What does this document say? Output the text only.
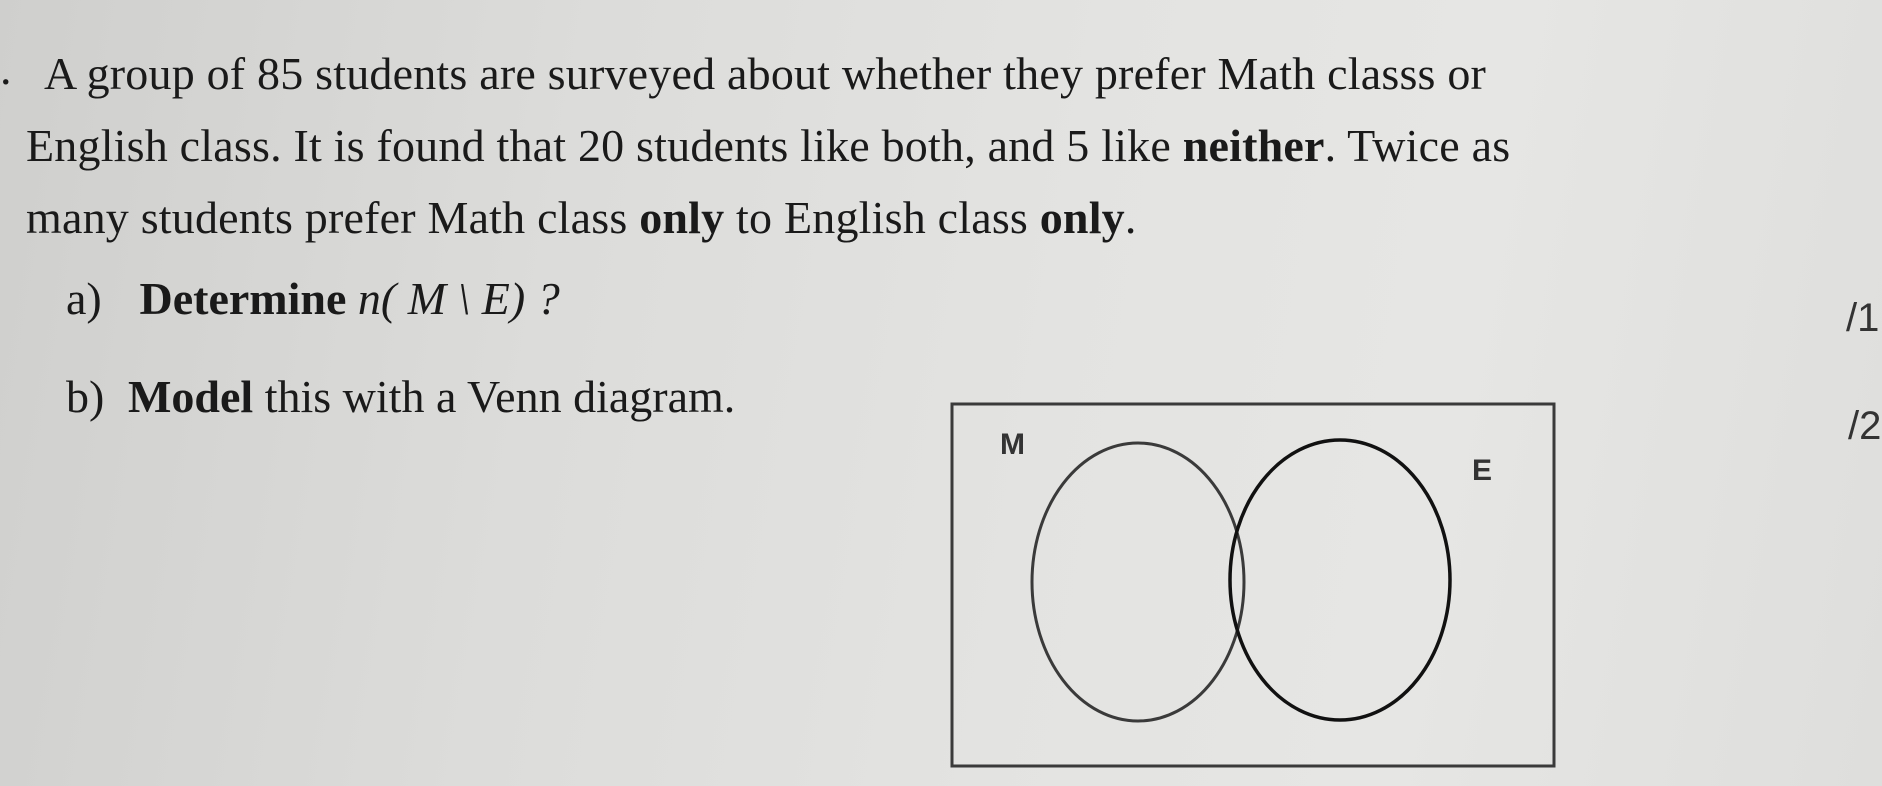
. A group of 85 students are surveyed about whether they prefer Math classs or
English class. It is found that 20 students like both, and 5 like neither. Twice as
many students prefer Math class only to English class only.
a) Determine n( M \ E) ?	/1
b) Model this with a Venn diagram.
/2
M
E
